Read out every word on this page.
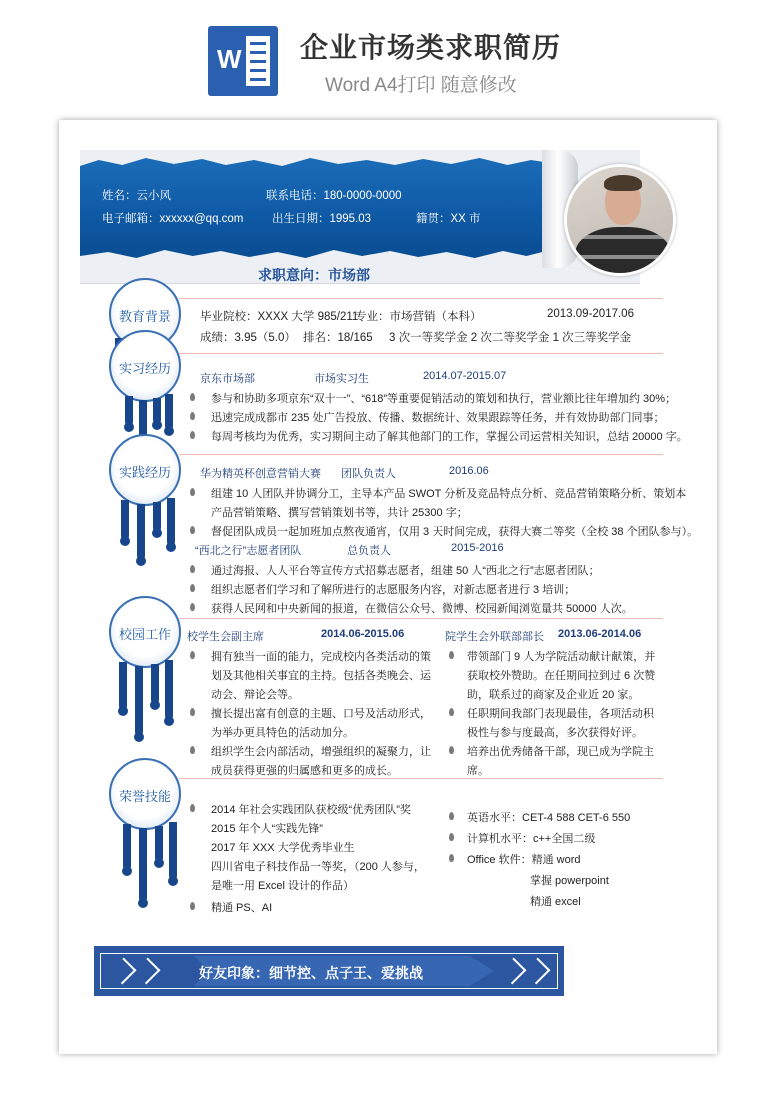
W 企业市场类求职简历
Word A4打印 随意修改
姓名：云小风	联系电话：180-0000-0000
电子邮箱：xxxxxx@qq.com 出生日期：1995.03	籍贯：XX 市
求职意向：市场部
教育背景	毕业院校：XXXX 大学 985/211
专业：市场营销（本科）	2013.09-2017.06
成绩：3.95（5.0） 排名：18/165 3 次一等奖学金 2 次二等奖学金 1 次三等奖学金
实习经历
京东市场部	市场实习生	2014.07-2015.07
参与和协助多项京东“双十一”、“618”等重要促销活动的策划和执行，营业额比往年增加约 30%；
迅速完成成都市 235 处广告投放、传播、数据统计、效果跟踪等任务，并有效协助部门同事；
每周考核均为优秀，实习期间主动了解其他部门的工作，掌握公司运营相关知识，总结 20000 字。
实践经历	华为精英杯创意营销大赛 团队负责人	2016.06
组建 10 人团队并协调分工，主导本产品 SWOT 分析及竞品特点分析、竞品营销策略分析、策划本
产品营销策略、撰写营销策划书等，共计 25300 字；
督促团队成员一起加班加点熬夜通宵，仅用 3 天时间完成，获得大赛二等奖（全校 38 个团队参与）。
“西北之行”志愿者团队	总负责人	2015-2016
通过海报、人人平台等宣传方式招募志愿者，组建 50 人“西北之行”志愿者团队；
组织志愿者们学习和了解所进行的志愿服务内容，对新志愿者进行 3 培训；
获得人民网和中央新闻的报道，在微信公众号、微博、校园新闻浏览量共 50000 人次。
校园工作	校学生会副主席	2014.06-2015.06
拥有独当一面的能力，完成校内各类活动的策
划及其他相关事宜的主持。包括各类晚会、运
动会、辩论会等。
擅长提出富有创意的主题、口号及活动形式，
为举办更具特色的活动加分。
组织学生会内部活动，增强组织的凝聚力，让
成员获得更强的归属感和更多的成长。
院学生会外联部部长 2013.06-2014.06
带领部门 9 人为学院活动献计献策，并
获取校外赞助。在任期间拉到过 6 次赞
助，联系过的商家及企业近 20 家。
任职期间我部门表现最佳，各项活动积
极性与参与度最高，多次获得好评。
培养出优秀储备干部，现已成为学院主
席。
荣誉技能
2014 年社会实践团队获校级“优秀团队”奖
2015 年个人“实践先锋”
2017 年 XXX 大学优秀毕业生
四川省电子科技作品一等奖，（200 人参与，
是唯一用 Excel 设计的作品）
精通 PS、AI
英语水平：CET-4 588 CET-6 550
计算机水平：c++全国二级
Office 软件：精通 word
掌握 powerpoint
精通 excel
好友印象：细节控、点子王、爱挑战
